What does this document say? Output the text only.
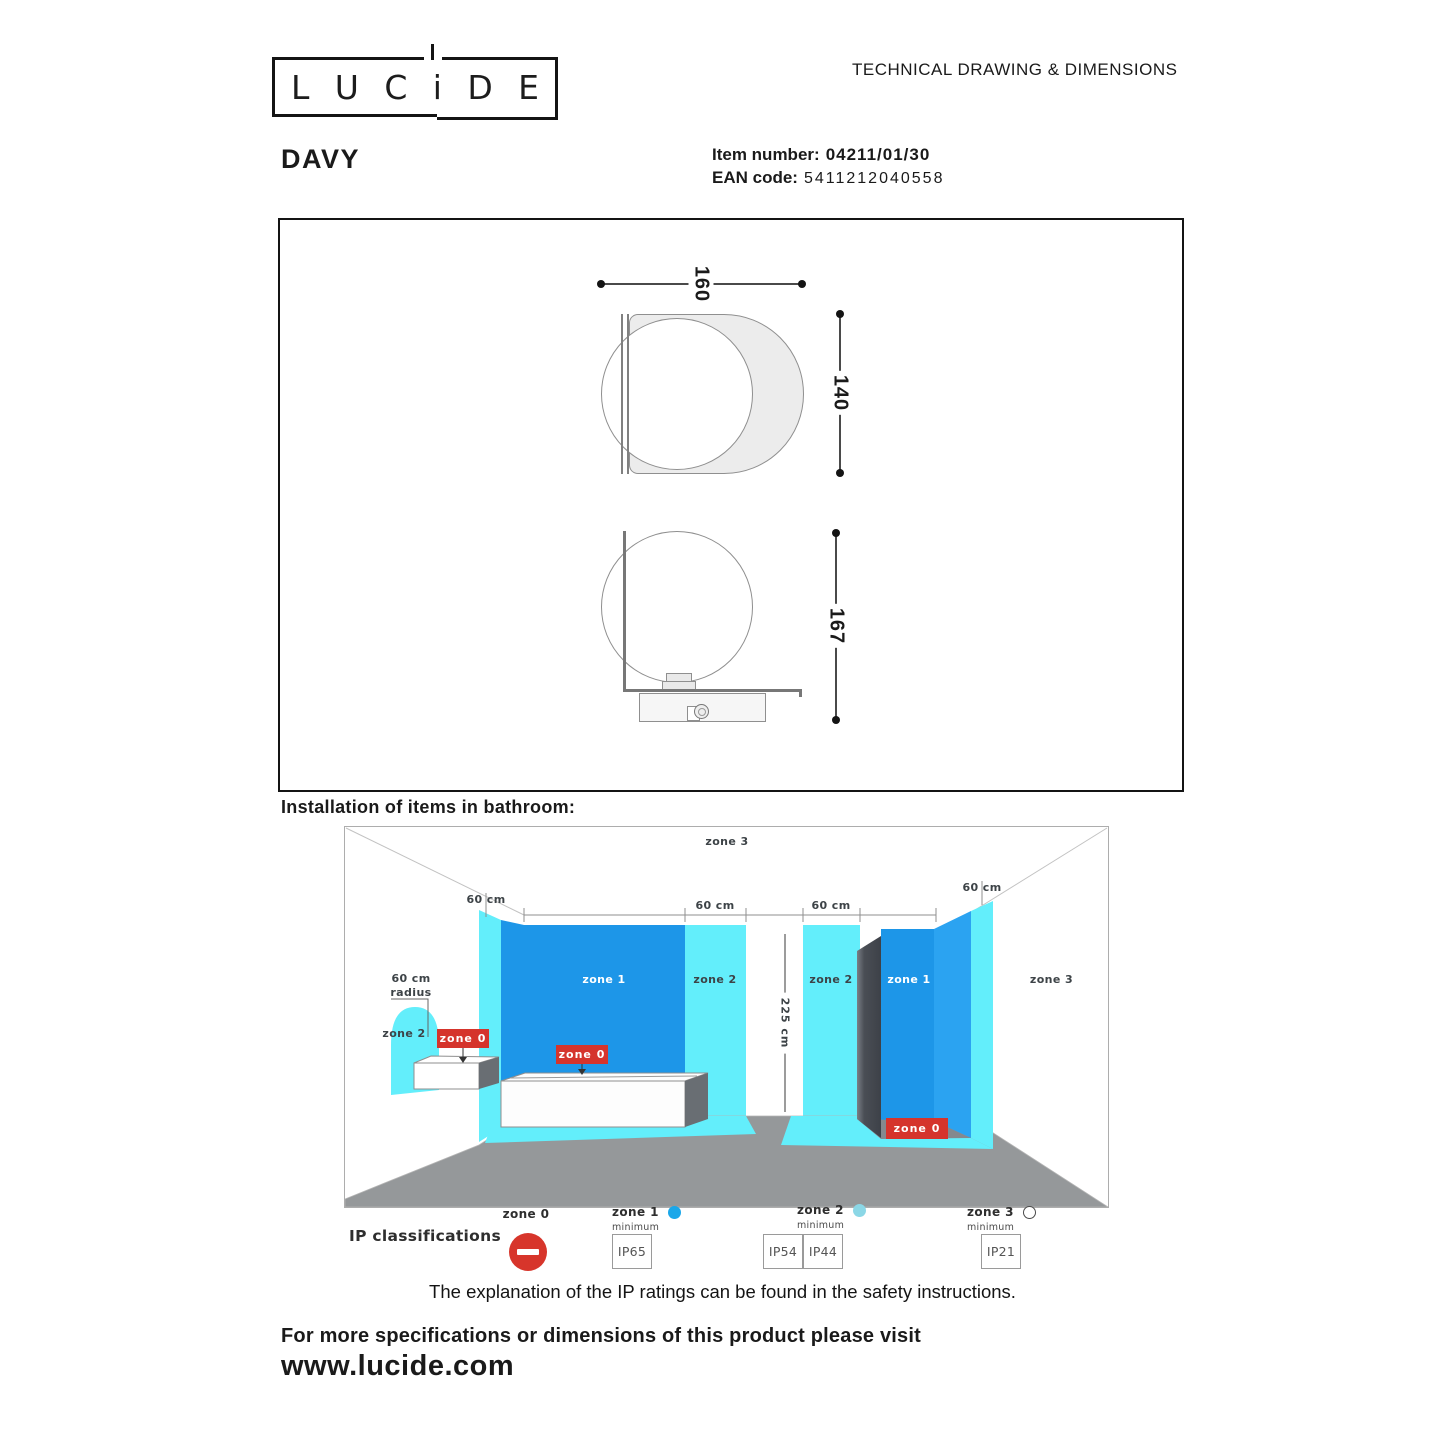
L U C i D E	TECHNICAL DRAWING & DIMENSIONS
DAVY	Item number: 04211/01/30
EAN code: 5411212040558
160
140
167
Installation of items in bathroom:
zone 3
60 cm	60 cm	60 cm
60 cm
60 cm
radius
zone 2
zone 1	zone 2	zone 2	zone 1	zone 3
225 cm
zone 0
zone 0
zone 0
IP classifications
zone 0	zone 1
minimum
IP65
zone 2
minimum
IP54 IP44
zone 3
minimum
IP21
The explanation of the IP ratings can be found in the safety instructions.
For more specifications or dimensions of this product please visit
www.lucide.com
